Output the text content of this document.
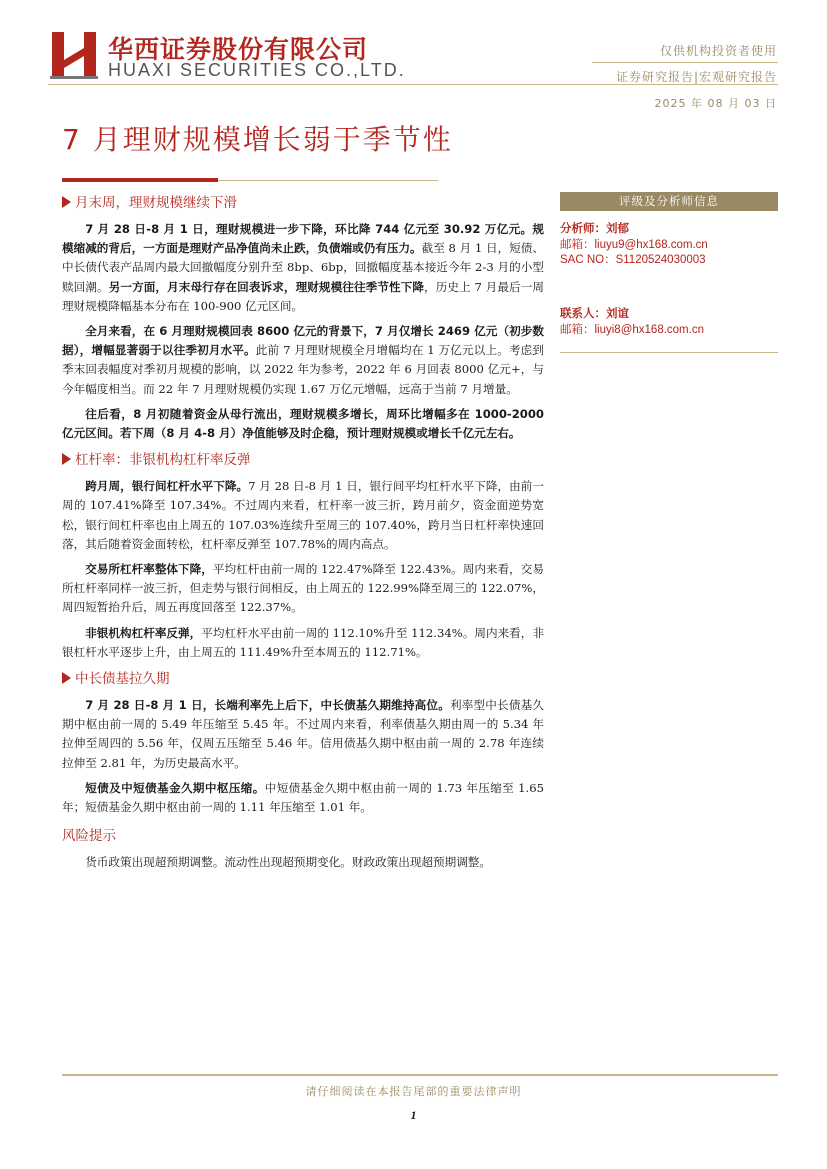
华西证券股份有限公司
HUAXI SECURITIES CO.,LTD.
仅供机构投资者使用
证券研究报告|宏观研究报告
2025 年 08 月 03 日
7 月理财规模增长弱于季节性
月末周，理财规模继续下滑

7 月 28 日-8 月 1 日，理财规模进一步下降，环比降 744 亿元至 30.92 万亿元。规模缩减的背后，一方面是理财产品净值尚未止跌，负债端或仍有压力。截至 8 月 1 日，短债、中长债代表产品周内最大回撤幅度分别升至 8bp、6bp，回撤幅度基本接近今年 2-3 月的小型赎回潮。另一方面，月末母行存在回表诉求，理财规模往往季节性下降，历史上 7 月最后一周理财规模降幅基本分布在 100-900 亿元区间。

全月来看，在 6 月理财规模回表 8600 亿元的背景下，7 月仅增长 2469 亿元（初步数据），增幅显著弱于以往季初月水平。此前 7 月理财规模全月增幅均在 1 万亿元以上。考虑到季末回表幅度对季初月规模的影响，以 2022 年为参考，2022 年 6 月回表 8000 亿元+，与今年幅度相当。而 22 年 7 月理财规模仍实现 1.67 万亿元增幅，远高于当前 7 月增量。

往后看，8 月初随着资金从母行流出，理财规模多增长，周环比增幅多在 1000-2000 亿元区间。若下周（8 月 4-8 月）净值能够及时企稳，预计理财规模或增长千亿元左右。

杠杆率：非银机构杠杆率反弹

跨月周，银行间杠杆水平下降。7 月 28 日-8 月 1 日，银行间平均杠杆水平下降，由前一周的 107.41%降至 107.34%。不过周内来看，杠杆率一波三折，跨月前夕，资金面逆势宽松，银行间杠杆率也由上周五的 107.03%连续升至周三的 107.40%，跨月当日杠杆率快速回落，其后随着资金面转松，杠杆率反弹至 107.78%的周内高点。

交易所杠杆率整体下降，平均杠杆由前一周的 122.47%降至 122.43%。周内来看，交易所杠杆率同样一波三折，但走势与银行间相反，由上周五的 122.99%降至周三的 122.07%，周四短暂抬升后，周五再度回落至 122.37%。

非银机构杠杆率反弹，平均杠杆水平由前一周的 112.10%升至 112.34%。周内来看，非银杠杆水平逐步上升，由上周五的 111.49%升至本周五的 112.71%。

中长债基拉久期

7 月 28 日-8 月 1 日，长端利率先上后下，中长债基久期维持高位。利率型中长债基久期中枢由前一周的 5.49 年压缩至 5.45 年。不过周内来看，利率债基久期由周一的 5.34 年拉伸至周四的 5.56 年，仅周五压缩至 5.46 年。信用债基久期中枢由前一周的 2.78 年连续拉伸至 2.81 年，为历史最高水平。

短债及中短债基金久期中枢压缩。中短债基金久期中枢由前一周的 1.73 年压缩至 1.65 年；短债基金久期中枢由前一周的 1.11 年压缩至 1.01 年。

风险提示

货币政策出现超预期调整。流动性出现超预期变化。财政政策出现超预期调整。

评级及分析师信息
分析师：刘郁
邮箱：liuyu9@hx168.com.cn
SAC NO：S1120524030003
联系人：刘谊
邮箱：liuyi8@hx168.com.cn
请仔细阅读在本报告尾部的重要法律声明
1
